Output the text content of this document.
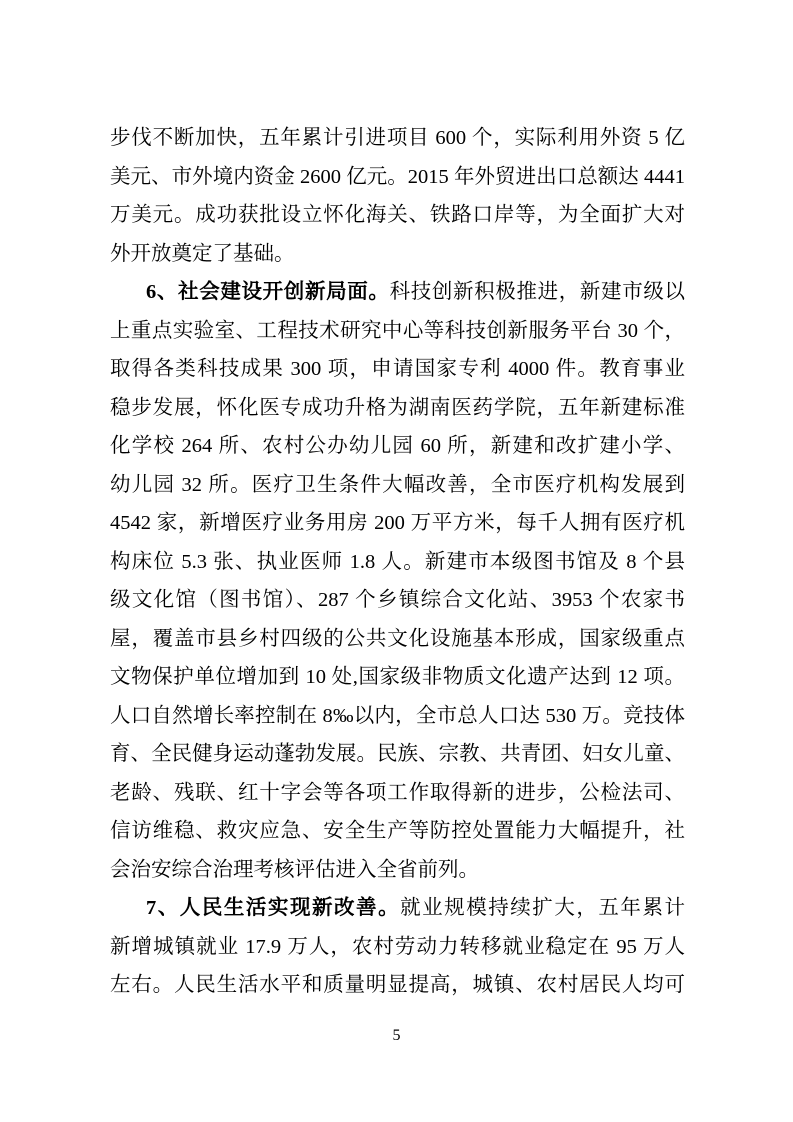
步伐不断加快，五年累计引进项目 600 个，实际利用外资 5 亿
美元、市外境内资金 2600 亿元。2015 年外贸进出口总额达 4441
万美元。成功获批设立怀化海关、铁路口岸等，为全面扩大对
外开放奠定了基础。
6、社会建设开创新局面。科技创新积极推进，新建市级以
上重点实验室、工程技术研究中心等科技创新服务平台 30 个，
取得各类科技成果 300 项，申请国家专利 4000 件。教育事业
稳步发展，怀化医专成功升格为湖南医药学院，五年新建标准
化学校 264 所、农村公办幼儿园 60 所，新建和改扩建小学、
幼儿园 32 所。医疗卫生条件大幅改善，全市医疗机构发展到
4542 家，新增医疗业务用房 200 万平方米，每千人拥有医疗机
构床位 5.3 张、执业医师 1.8 人。新建市本级图书馆及 8 个县
级文化馆（图书馆）、287 个乡镇综合文化站、3953 个农家书
屋，覆盖市县乡村四级的公共文化设施基本形成，国家级重点
文物保护单位增加到 10 处,国家级非物质文化遗产达到 12 项。
人口自然增长率控制在 8‰以内，全市总人口达 530 万。竞技体
育、全民健身运动蓬勃发展。民族、宗教、共青团、妇女儿童、
老龄、残联、红十字会等各项工作取得新的进步，公检法司、
信访维稳、救灾应急、安全生产等防控处置能力大幅提升，社
会治安综合治理考核评估进入全省前列。
7、人民生活实现新改善。就业规模持续扩大，五年累计
新增城镇就业 17.9 万人，农村劳动力转移就业稳定在 95 万人
左右。人民生活水平和质量明显提高，城镇、农村居民人均可
5
